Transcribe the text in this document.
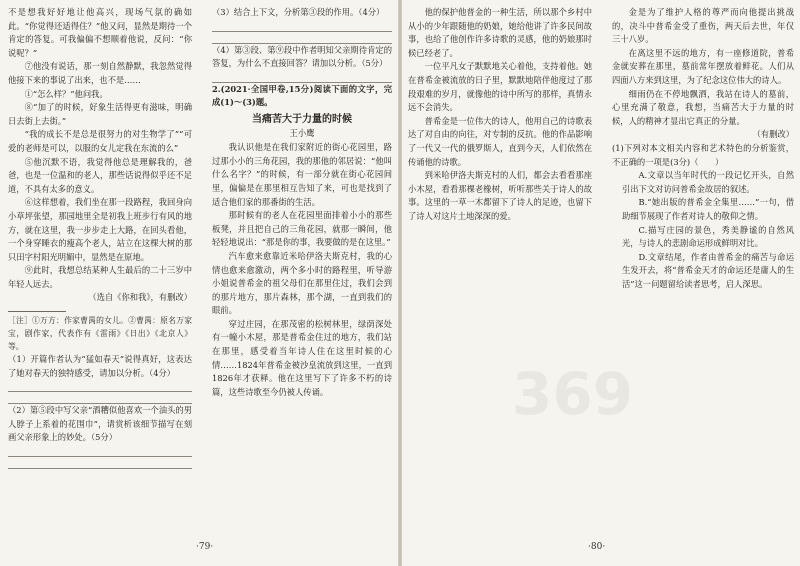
不是想我好好地让他高兴，现场气氛的确如此。“你觉得还适得住？”他又问，显然是期待一个肯定的答复。可我偏偏不想顺着他说，反问：“你说呢？”

⑦他没有说话，那一刻自然静默，我忽然觉得他接下来的事说了出来，也不是……

①“怎么样？”他问我。

⑧“加了的时候，好象生活得更有滋味，明确日去街上去街。”

“我的成长不是总是很努力的对生物学了”“可爱的老师是可以，以服的女儿定我在东流的么”

⑤他沉默不语，我觉得他总是理解我的，爸爸，也是一位温和的老人，那些话说得似乎还不足道，不具有太多的意义。

⑥这样想着，我们坐在那一段路程，我回身向小草坪张望，那园地里全是初我上班步行有风的地方，就在这里，我一步步走上大路，在回头看他，一个身穿睡衣的瘦高个老人，站立在这棵大树的那只田字村阳光明媚中，显然是在原地。

⑨此时，我想总结某种人生最后的二十三岁中年轻人远去。

（选自《你和我》，有删改）

［注］①万方：作家曹禺的女儿。②曹禺：原名万家宝，剧作家，代表作有《雷雨》《日出》《北京人》等。

（1）开篇作者认为“猛如春天”说得真好，这表达了她对春天的独特感受，请加以分析。（4分）

（2）第⑤段中写父亲“酒糟似他喜欢一个油头的男人脖子上系着的花围巾”，请赏析该细节描写在刻画父亲形象上的妙处。（5分）

（3）结合上下文，分析第③段的作用。（4分）

（4）第③段、第⑨段中作者明知父亲期待肯定的答复，为什么不直接回答？请加以分析。（5分）

2.(2021·全国甲卷,15分)阅读下面的文字，完成(1)～(3)题。

当痛苦大于力量的时候
王小鹰

我认识他是在我们家附近的街心花园里，路过那小小的三角花园，我的那他的邻居说：“他叫什么名字？”的时候，有一部分就在街心花园间里，偏偏是在那里相互告知了来，可也是找到了适合他们家的那番街的生活。

那时候有的老人在花园里面排着小小的那些板凳，并且把自己的三角花园，就那一瞬间，他轻轻地说出：“那是你的事，我要做的是在这里。”

汽车愈来愈靠近米哈伊洛夫斯克村，我的心情也愈来愈激动，两个多小时的路程里，听导游小姐说普希金的祖父母们在那里住过，我们会到的那片地方，那片森林，那个湖，一直到我们的眼前。

穿过庄园，在那茂密的松树林里，绿荫深处有一幢小木屋，那是普希金住过的地方，我们站在那里，感受着当年诗人住在这里时候的心情……1824年普希金被沙皇流放到这里，一直到1826年才获释。他在这里写下了许多不朽的诗篇，这些诗歌至今仍被人传诵。

·79·
369

他的保护他普金的一种生活，所以那个乡村中从小的少年跟随他的奶娘，她给他讲了许多民间故事，也给了他创作许多诗歌的灵感，他的奶娘那时候已经老了。

一位平凡女子默默地关心着他，支持着他。她在普希金被流放的日子里，默默地陪伴他度过了那段艰难的岁月，就像他的诗中所写的那样，真情永远不会消失。

普希金是一位伟大的诗人，他用自己的诗歌表达了对自由的向往，对专制的反抗。他的作品影响了一代又一代的俄罗斯人，直到今天，人们依然在传诵他的诗歌。

到米哈伊洛夫斯克村的人们，都会去看看那座小木屋，看看那棵老橡树，听听那些关于诗人的故事。这里的一草一木都留下了诗人的足迹，也留下了诗人对这片土地深深的爱。

金是为了维护人格的尊严而向他提出挑战的，决斗中普希金受了重伤，两天后去世，年仅三十八岁。

在离这里不远的地方，有一座修道院，普希金就安葬在那里，墓前常年摆放着鲜花。人们从四面八方来到这里，为了纪念这位伟大的诗人。

细雨仍在不停地飘洒，我站在诗人的墓前，心里充满了敬意，我想，当痛苦大于力量的时候，人的精神才显出它真正的分量。

（有删改）

(1)下列对本文相关内容和艺术特色的分析鉴赏，不正确的一项是(3分)（　　）

A.文章以当年时代的一段记忆开头，自然引出下文对访问普希金故居的叙述。

B.“她出版的普希金全集里……”一句，借助细节展现了作者对诗人的敬仰之情。

C.描写庄园的景色，秀美静谧的自然风光，与诗人的悲剧命运形成鲜明对比。

D.文章结尾，作者由普希金的痛苦与命运生发开去，将“普希金天才的命运还是庸人的生活”这一问题留给读者思考，启人深思。

·80·
